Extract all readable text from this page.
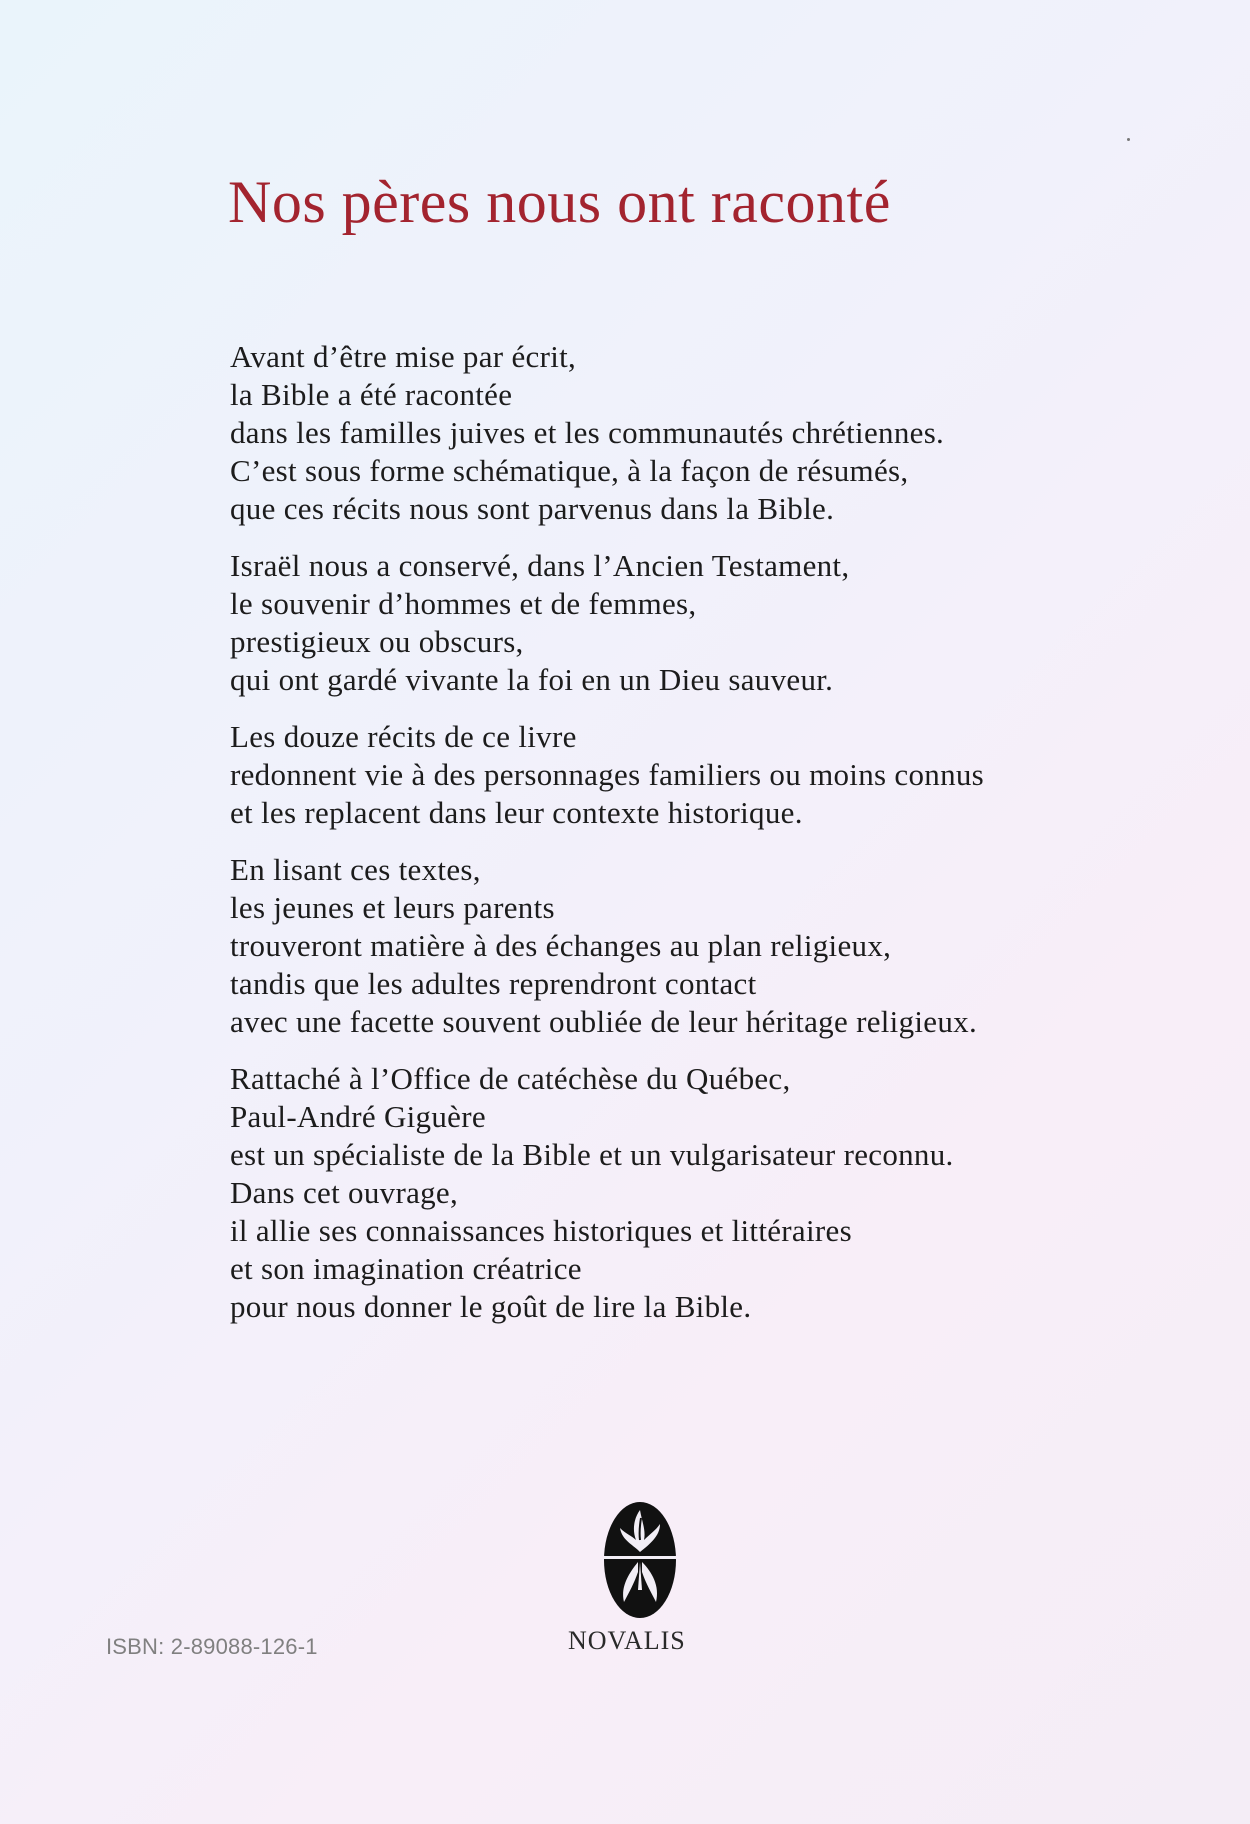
Nos pères nous ont raconté
Avant d’être mise par écrit,
la Bible a été racontée
dans les familles juives et les communautés chrétiennes.
C’est sous forme schématique, à la façon de résumés,
que ces récits nous sont parvenus dans la Bible.
Israël nous a conservé, dans l’Ancien Testament,
le souvenir d’hommes et de femmes,
prestigieux ou obscurs,
qui ont gardé vivante la foi en un Dieu sauveur.
Les douze récits de ce livre
redonnent vie à des personnages familiers ou moins connus
et les replacent dans leur contexte historique.
En lisant ces textes,
les jeunes et leurs parents
trouveront matière à des échanges au plan religieux,
tandis que les adultes reprendront contact
avec une facette souvent oubliée de leur héritage religieux.
Rattaché à l’Office de catéchèse du Québec,
Paul-André Giguère
est un spécialiste de la Bible et un vulgarisateur reconnu.
Dans cet ouvrage,
il allie ses connaissances historiques et littéraires
et son imagination créatrice
pour nous donner le goût de lire la Bible.
NOVALIS
ISBN: 2-89088-126-1
